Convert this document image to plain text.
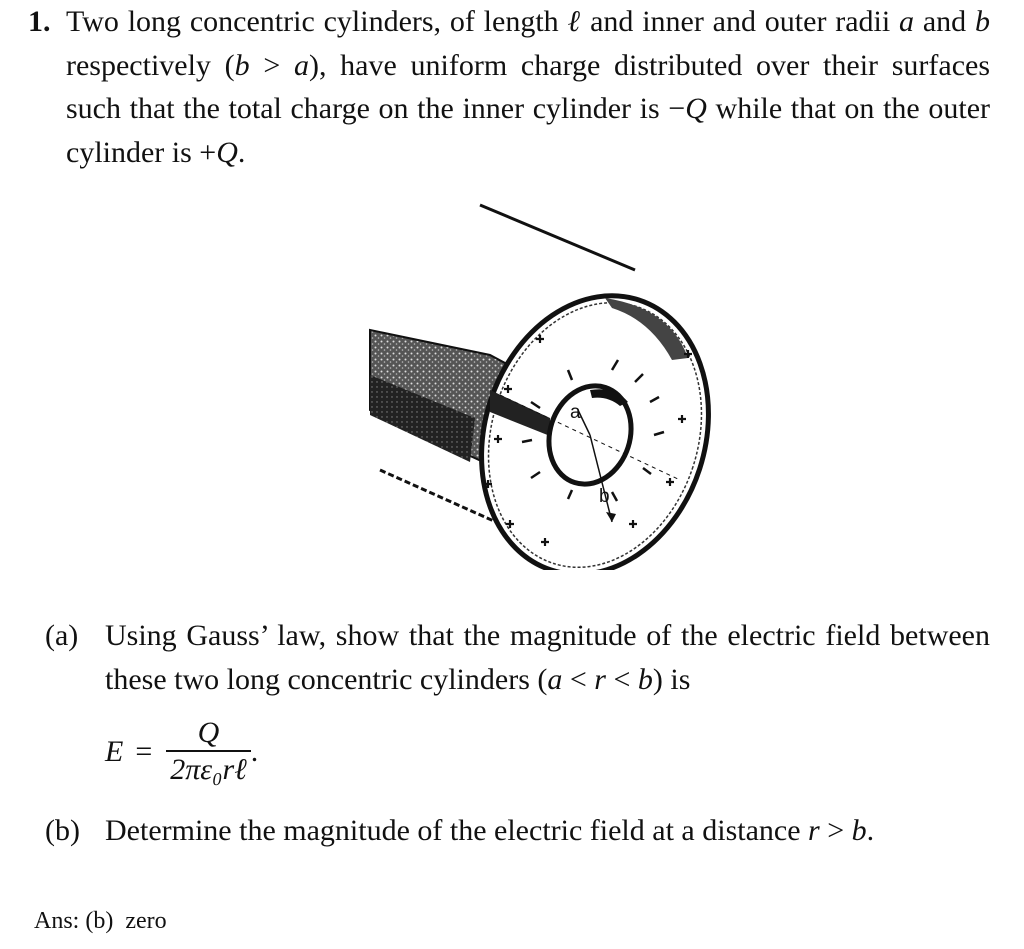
1. Two long concentric cylinders, of length ℓ and inner and outer radii a and b respectively (b > a), have uniform charge distributed over their surfaces such that the total charge on the inner cylinder is −Q while that on the outer cylinder is +Q.
a
b
(a) Using Gauss’ law, show that the magnitude of the electric field between these two long concentric cylinders (a < r < b) is
$E = \frac{Q}{\text{2πε₀rℓ}}$ .
(b) Determine the magnitude of the electric field at a distance r > b.
Ans: (b) zero
